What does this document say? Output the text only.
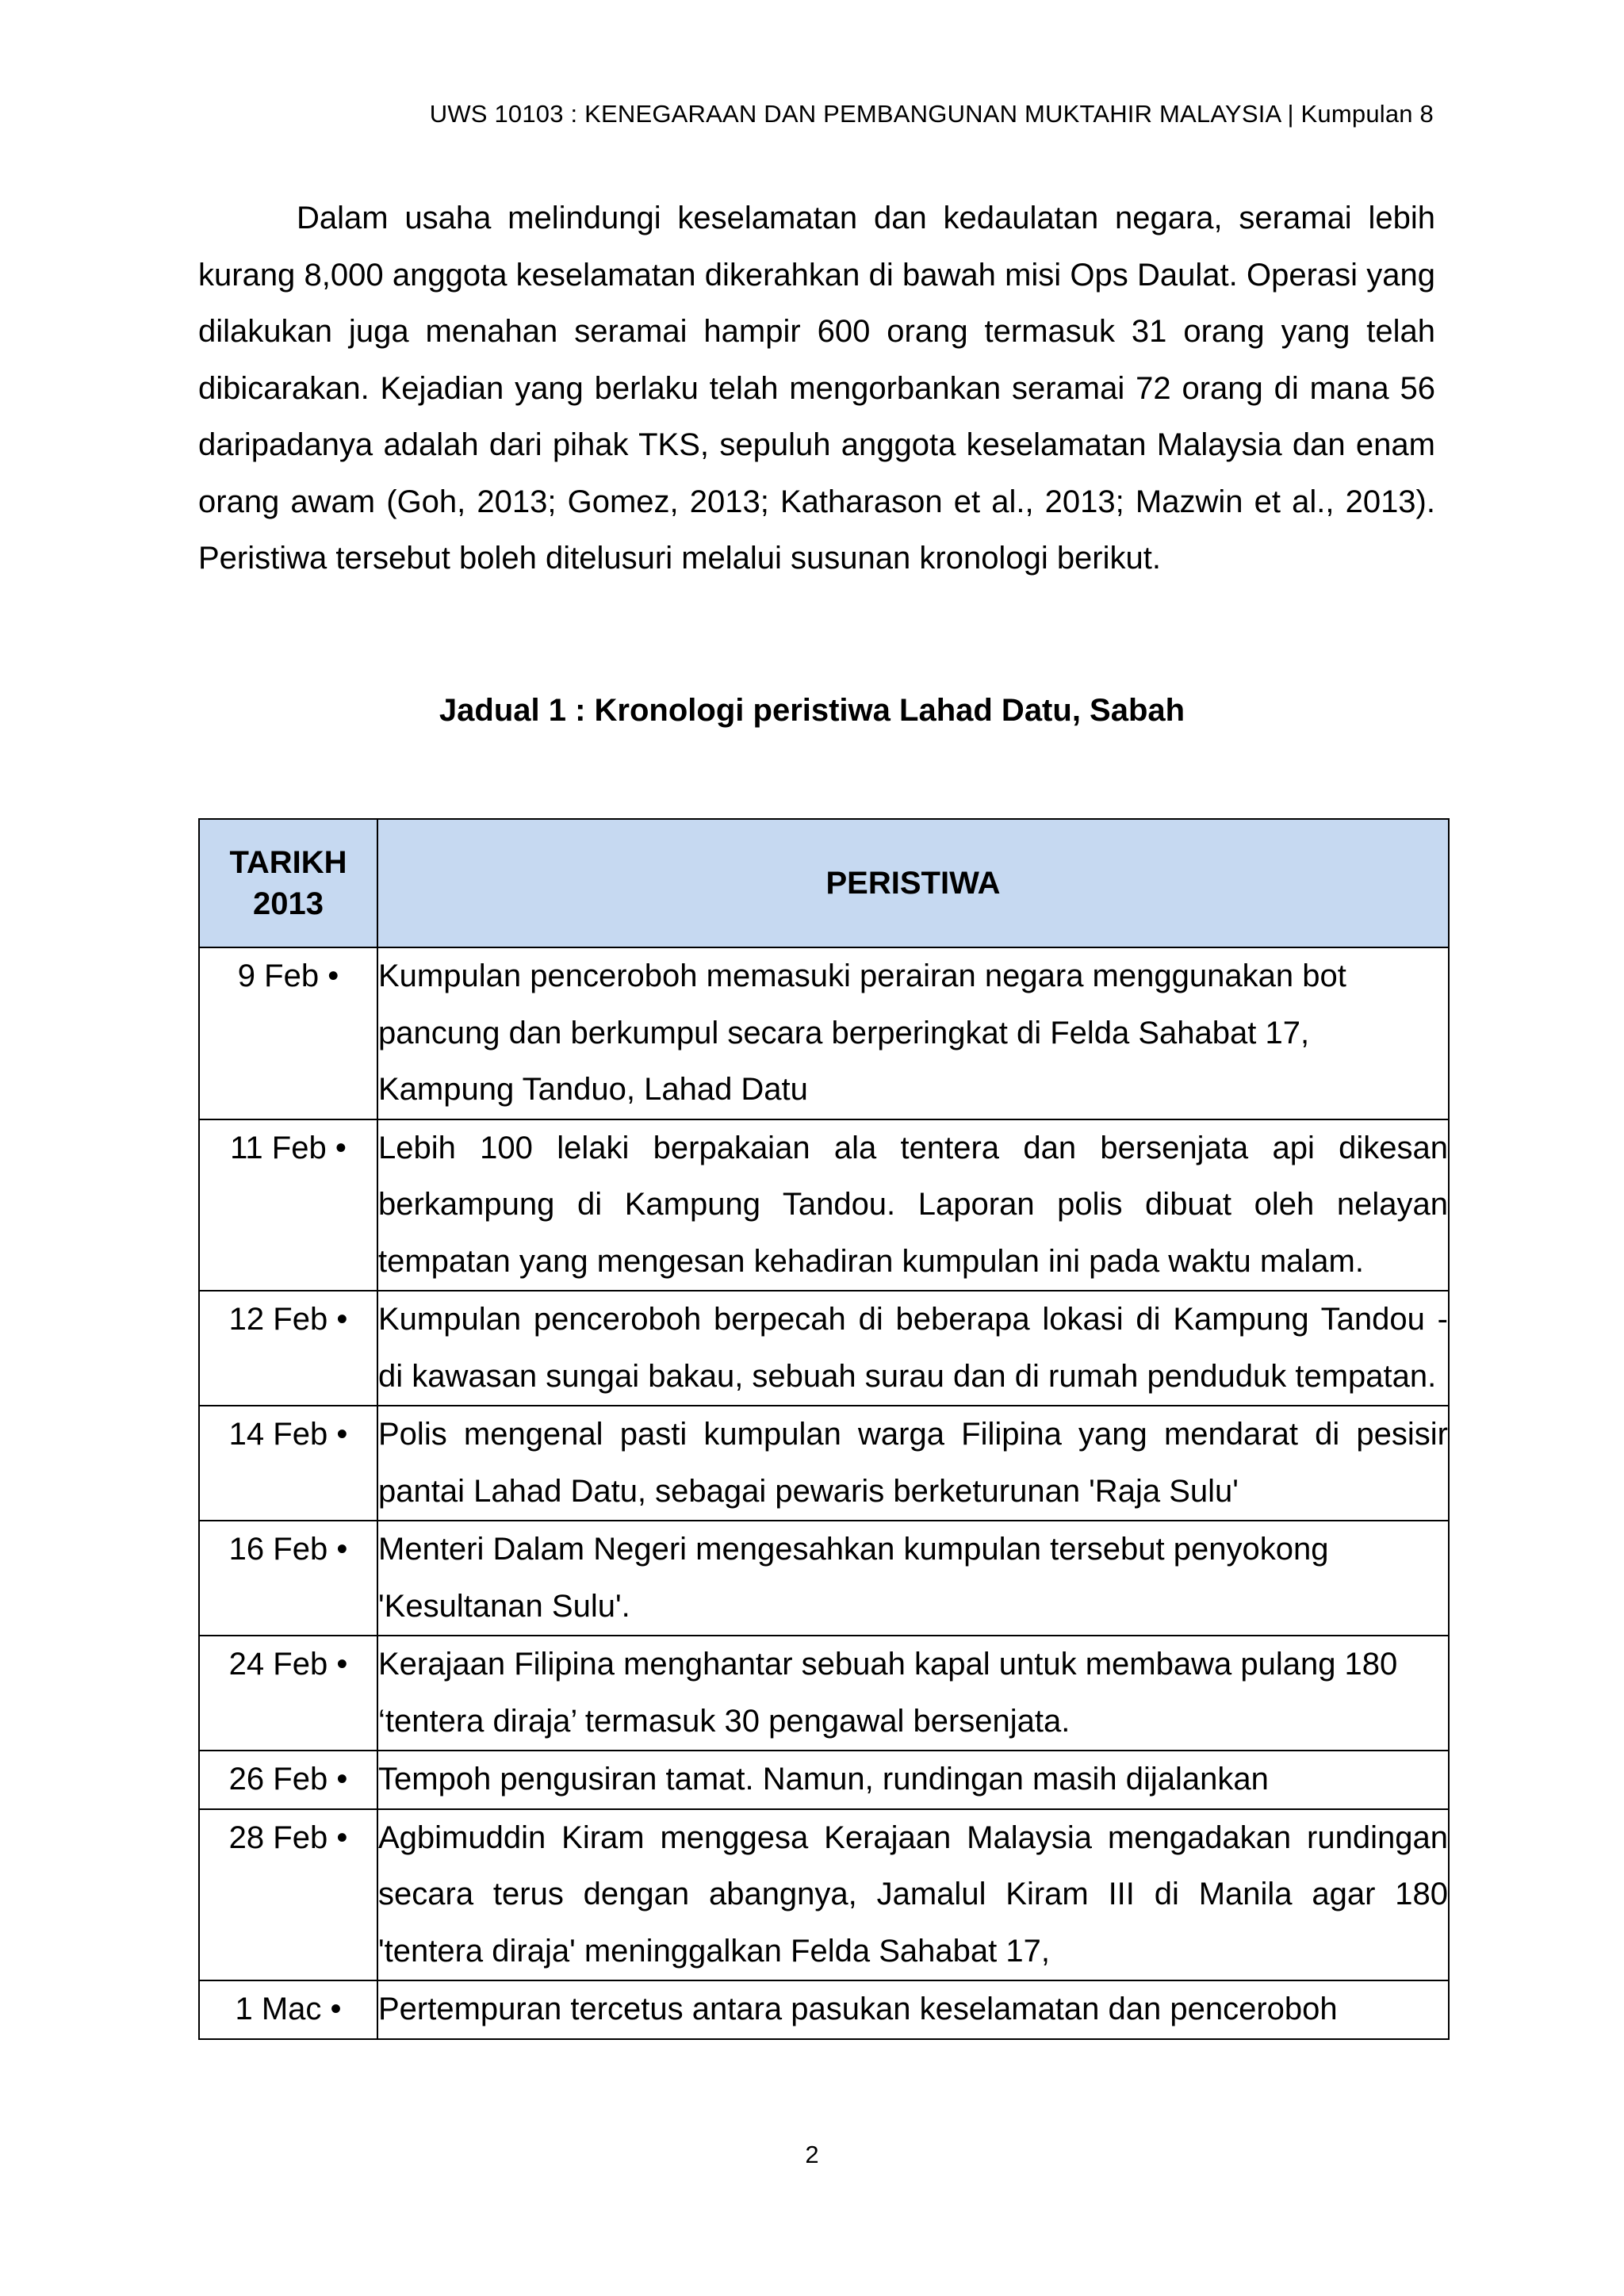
UWS 10103 : KENEGARAAN DAN PEMBANGUNAN MUKTAHIR MALAYSIA | Kumpulan 8

Dalam usaha melindungi keselamatan dan kedaulatan negara, seramai lebih kurang 8,000 anggota keselamatan dikerahkan di bawah misi Ops Daulat. Operasi yang dilakukan juga menahan seramai hampir 600 orang termasuk 31 orang yang telah dibicarakan. Kejadian yang berlaku telah mengorbankan seramai 72 orang di mana 56 daripadanya adalah dari pihak TKS, sepuluh anggota keselamatan Malaysia dan enam orang awam (Goh, 2013; Gomez, 2013; Katharason et al., 2013; Mazwin et al., 2013). Peristiwa tersebut boleh ditelusuri melalui susunan kronologi berikut.

Jadual 1 : Kronologi peristiwa Lahad Datu, Sabah

TARIKH
2013	PERISTIWA
9 Feb •	Kumpulan penceroboh memasuki perairan negara menggunakan bot pancung dan berkumpul secara berperingkat di Felda Sahabat 17, Kampung Tanduo, Lahad Datu
11 Feb •	Lebih 100 lelaki berpakaian ala tentera dan bersenjata api dikesan berkampung di Kampung Tandou. Laporan polis dibuat oleh nelayan tempatan yang mengesan kehadiran kumpulan ini pada waktu malam.
12 Feb •	Kumpulan penceroboh berpecah di beberapa lokasi di Kampung Tandou - di kawasan sungai bakau, sebuah surau dan di rumah penduduk tempatan.
14 Feb •	Polis mengenal pasti kumpulan warga Filipina yang mendarat di pesisir pantai Lahad Datu, sebagai pewaris berketurunan 'Raja Sulu'
16 Feb •	Menteri Dalam Negeri mengesahkan kumpulan tersebut penyokong 'Kesultanan Sulu'.
24 Feb •	Kerajaan Filipina menghantar sebuah kapal untuk membawa pulang 180 ‘tentera diraja’ termasuk 30 pengawal bersenjata.
26 Feb •	Tempoh pengusiran tamat. Namun, rundingan masih dijalankan
28 Feb •	Agbimuddin Kiram menggesa Kerajaan Malaysia mengadakan rundingan secara terus dengan abangnya, Jamalul Kiram III di Manila agar 180 'tentera diraja' meninggalkan Felda Sahabat 17,
1 Mac •	Pertempuran tercetus antara pasukan keselamatan dan penceroboh
2
